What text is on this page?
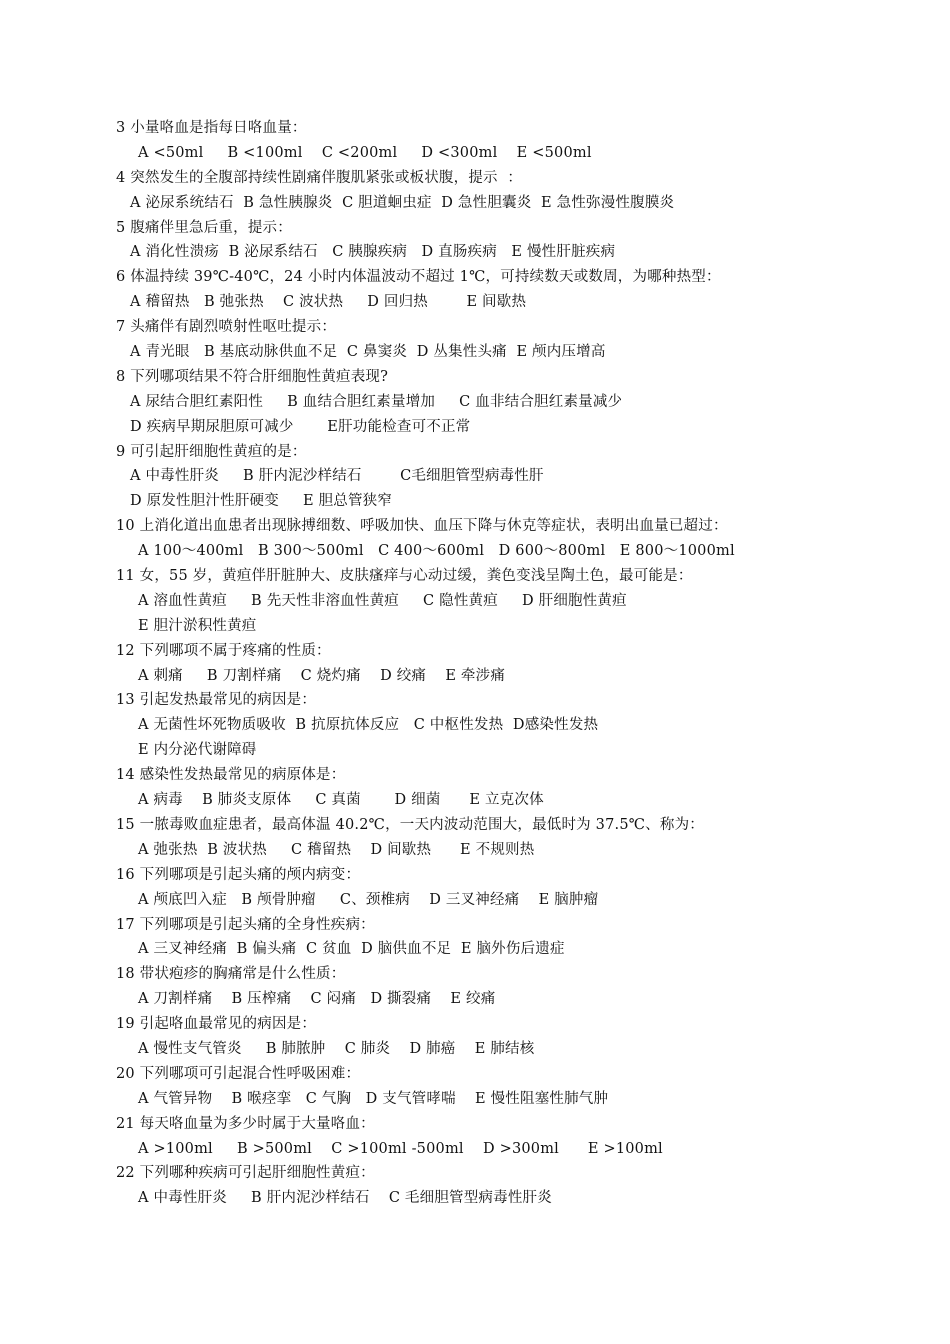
3 小量咯血是指每日咯血量：
A <50ml     B <100ml    C <200ml     D <300ml    E <500ml
4 突然发生的全腹部持续性剧痛伴腹肌紧张或板状腹，提示  ：
A 泌尿系统结石  B 急性胰腺炎  C 胆道蛔虫症  D 急性胆囊炎  E 急性弥漫性腹膜炎
5 腹痛伴里急后重，提示：
A 消化性溃疡  B 泌尿系结石   C 胰腺疾病   D 直肠疾病   E 慢性肝脏疾病
6 体温持续 39℃-40℃，24 小时内体温波动不超过 1℃，可持续数天或数周，为哪种热型：
A 稽留热   B 弛张热    C 波状热     D 回归热        E 间歇热
7 头痛伴有剧烈喷射性呕吐提示：
A 青光眼   B 基底动脉供血不足  C 鼻窦炎  D 丛集性头痛  E 颅内压增高
8 下列哪项结果不符合肝细胞性黄疸表现?
A 尿结合胆红素阳性     B 血结合胆红素量增加     C 血非结合胆红素量减少
D 疾病早期尿胆原可减少       E肝功能检查可不正常
9 可引起肝细胞性黄疸的是：
A 中毒性肝炎     B 肝内泥沙样结石        C毛细胆管型病毒性肝
D 原发性胆汁性肝硬变     E 胆总管狭窄
10 上消化道出血患者出现脉搏细数、呼吸加快、血压下降与休克等症状，表明出血量已超过：
A 100～400ml   B 300～500ml   C 400～600ml   D 600～800ml   E 800～1000ml
11 女，55 岁，黄疸伴肝脏肿大、皮肤瘙痒与心动过缓，粪色变浅呈陶土色，最可能是：
A 溶血性黄疸     B 先天性非溶血性黄疸     C 隐性黄疸     D 肝细胞性黄疸
E 胆汁淤积性黄疸
12 下列哪项不属于疼痛的性质：
A 刺痛     B 刀割样痛    C 烧灼痛    D 绞痛    E 牵涉痛
13 引起发热最常见的病因是：
A 无菌性坏死物质吸收  B 抗原抗体反应   C 中枢性发热  D感染性发热
E 内分泌代谢障碍
14 感染性发热最常见的病原体是：
A 病毒    B 肺炎支原体     C 真菌       D 细菌      E 立克次体
15 一脓毒败血症患者，最高体温 40.2℃，一天内波动范围大，最低时为 37.5℃、称为：
A 弛张热  B 波状热     C 稽留热    D 间歇热      E 不规则热
16 下列哪项是引起头痛的颅内病变：
A 颅底凹入症   B 颅骨肿瘤     C、颈椎病    D 三叉神经痛    E 脑肿瘤
17 下列哪项是引起头痛的全身性疾病：
A 三叉神经痛  B 偏头痛  C 贫血  D 脑供血不足  E 脑外伤后遗症
18 带状疱疹的胸痛常是什么性质：
A 刀割样痛    B 压榨痛    C 闷痛   D 撕裂痛    E 绞痛
19 引起咯血最常见的病因是：
A 慢性支气管炎     B 肺脓肿    C 肺炎    D 肺癌    E 肺结核
20 下列哪项可引起混合性呼吸困难：
A 气管异物    B 喉痉挛   C 气胸   D 支气管哮喘    E 慢性阻塞性肺气肿
21 每天咯血量为多少时属于大量咯血：
A >100ml     B >500ml    C >100ml -500ml    D >300ml      E >100ml
22 下列哪种疾病可引起肝细胞性黄疸：
A 中毒性肝炎     B 肝内泥沙样结石    C 毛细胆管型病毒性肝炎
